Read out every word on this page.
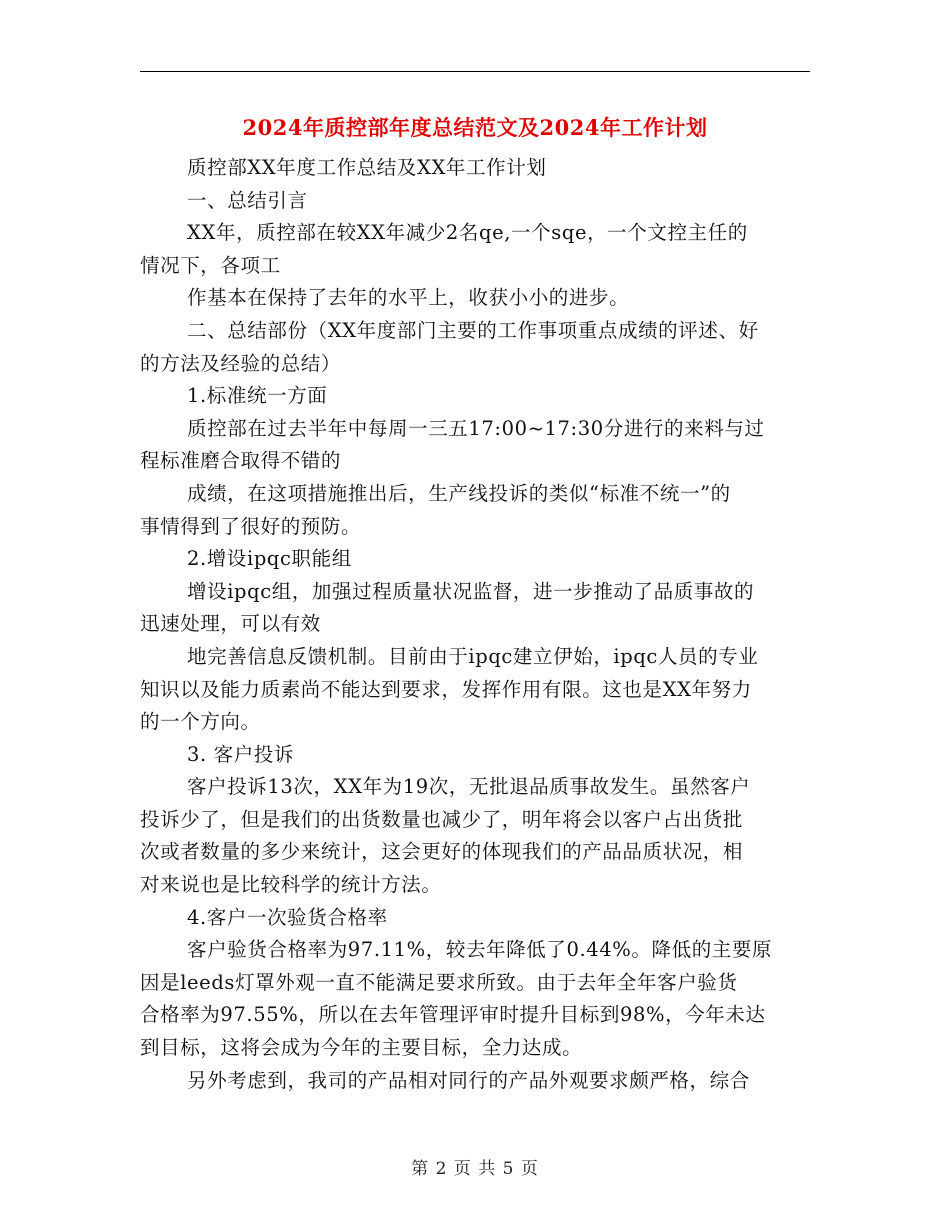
2024年质控部年度总结范文及2024年工作计划

质控部XX年度工作总结及XX年工作计划

一、总结引言

XX年，质控部在较XX年减少2名qe,一个sqe，一个文控主任的
情况下，各项工

作基本在保持了去年的水平上，收获小小的进步。

二、总结部份（XX年度部门主要的工作事项重点成绩的评述、好
的方法及经验的总结）

1.标准统一方面

质控部在过去半年中每周一三五17:00~17:30分进行的来料与过
程标准磨合取得不错的

成绩，在这项措施推出后，生产线投诉的类似“标准不统一”的
事情得到了很好的预防。

2.增设ipqc职能组

增设ipqc组，加强过程质量状况监督，进一步推动了品质事故的
迅速处理，可以有效

地完善信息反馈机制。目前由于ipqc建立伊始，ipqc人员的专业
知识以及能力质素尚不能达到要求，发挥作用有限。这也是XX年努力
的一个方向。

3. 客户投诉

客户投诉13次，XX年为19次，无批退品质事故发生。虽然客户
投诉少了，但是我们的出货数量也减少了，明年将会以客户占出货批
次或者数量的多少来统计，这会更好的体现我们的产品品质状况，相
对来说也是比较科学的统计方法。

4.客户一次验货合格率

客户验货合格率为97.11%，较去年降低了0.44%。降低的主要原
因是leeds灯罩外观一直不能满足要求所致。由于去年全年客户验货
合格率为97.55%，所以在去年管理评审时提升目标到98%，今年未达
到目标，这将会成为今年的主要目标，全力达成。

另外考虑到，我司的产品相对同行的产品外观要求颇严格，综合

第 2 页 共 5 页
